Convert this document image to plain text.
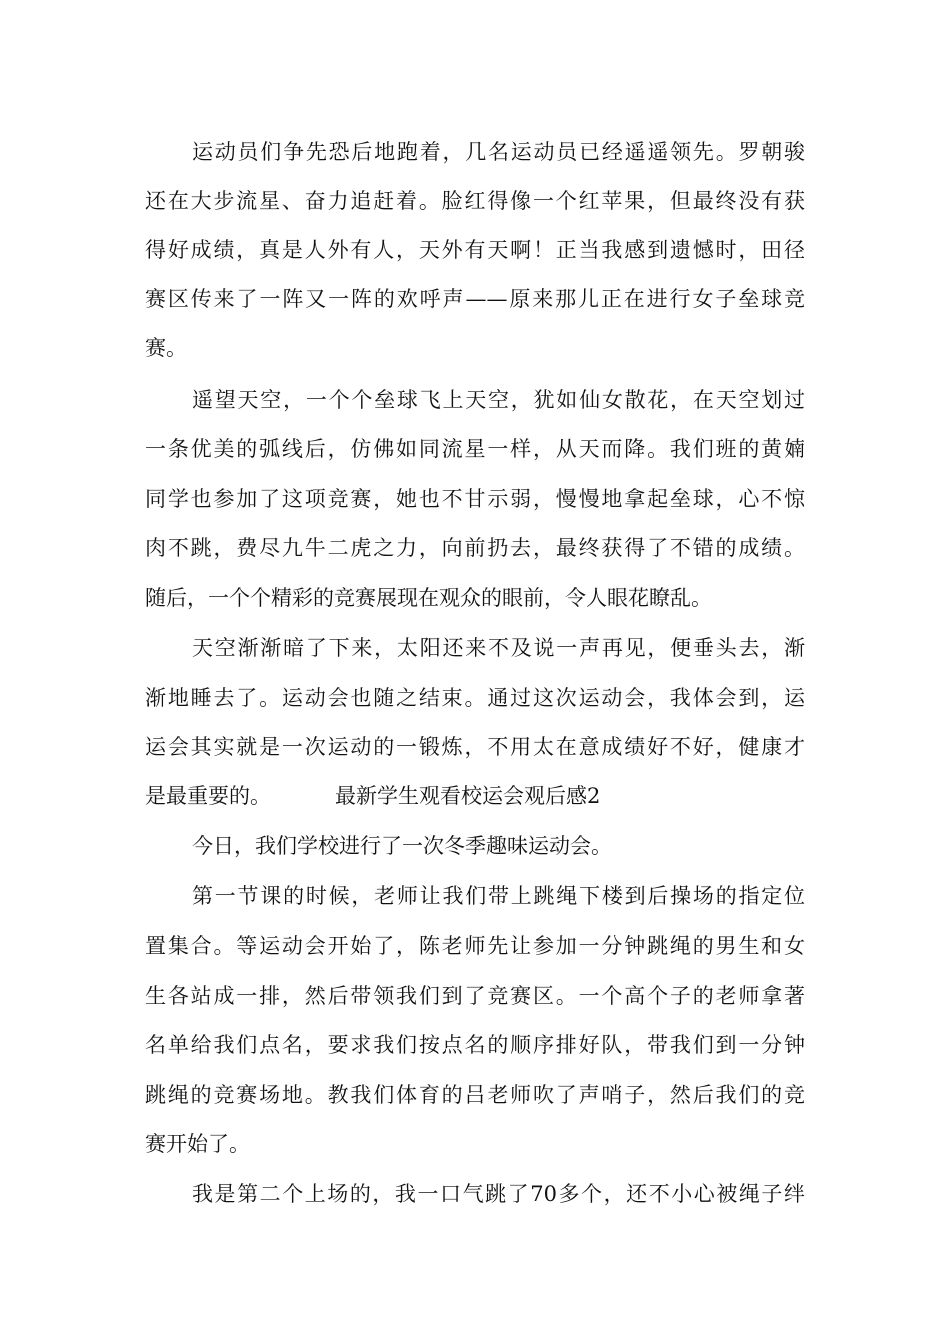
运动员们争先恐后地跑着，几名运动员已经遥遥领先。罗朝骏
还在大步流星、奋力追赶着。脸红得像一个红苹果，但最终没有获
得好成绩，真是人外有人，天外有天啊！正当我感到遗憾时，田径
赛区传来了一阵又一阵的欢呼声——原来那儿正在进行女子垒球竞
赛。
遥望天空，一个个垒球飞上天空，犹如仙女散花，在天空划过
一条优美的弧线后，仿佛如同流星一样，从天而降。我们班的黄婻
同学也参加了这项竞赛，她也不甘示弱，慢慢地拿起垒球，心不惊
肉不跳，费尽九牛二虎之力，向前扔去，最终获得了不错的成绩。
随后，一个个精彩的竞赛展现在观众的眼前，令人眼花瞭乱。
天空渐渐暗了下来，太阳还来不及说一声再见，便垂头去，渐
渐地睡去了。运动会也随之结束。通过这次运动会，我体会到，运
运会其实就是一次运动的一锻炼，不用太在意成绩好不好，健康才
是最重要的。	最新学生观看校运会观后感2
今日，我们学校进行了一次冬季趣味运动会。
第一节课的时候，老师让我们带上跳绳下楼到后操场的指定位
置集合。等运动会开始了，陈老师先让参加一分钟跳绳的男生和女
生各站成一排，然后带领我们到了竞赛区。一个高个子的老师拿著
名单给我们点名，要求我们按点名的顺序排好队，带我们到一分钟
跳绳的竞赛场地。教我们体育的吕老师吹了声哨子，然后我们的竞
赛开始了。
我是第二个上场的，我一口气跳了70多个，还不小心被绳子绊
